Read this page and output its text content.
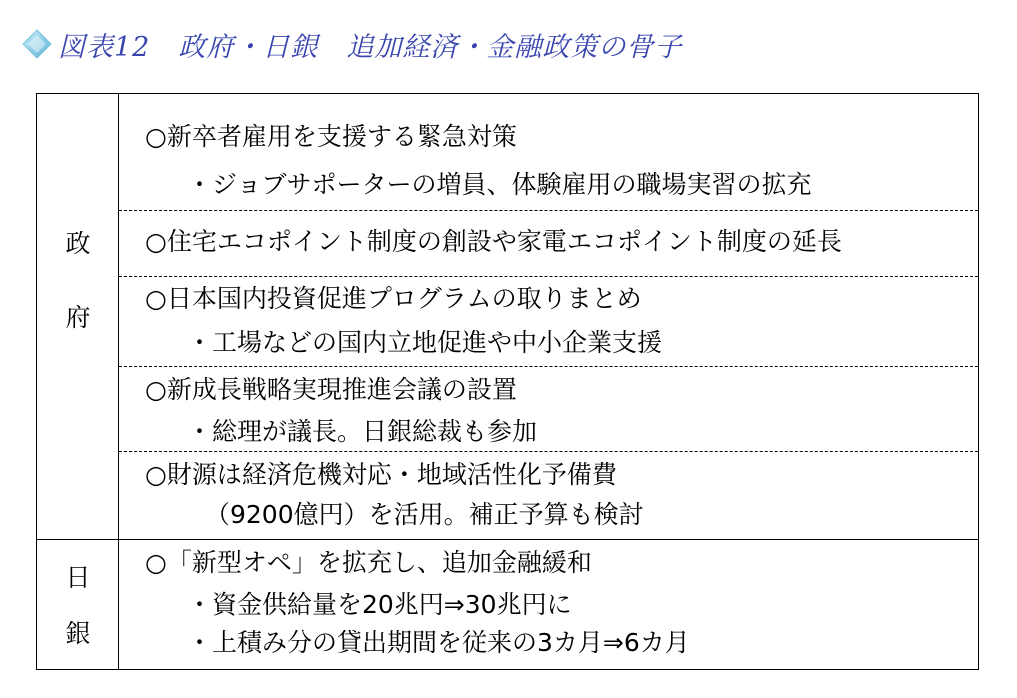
図表12　政府・日銀　追加経済・金融政策の骨子
政
府
○新卒者雇用を支援する緊急対策
・ジョブサポーターの増員、体験雇用の職場実習の拡充
○住宅エコポイント制度の創設や家電エコポイント制度の延長
○日本国内投資促進プログラムの取りまとめ
・工場などの国内立地促進や中小企業支援
○新成長戦略実現推進会議の設置
・総理が議長。日銀総裁も参加
○財源は経済危機対応・地域活性化予備費
（9200億円）を活用。補正予算も検討
日
銀
○「新型オペ」を拡充し、追加金融緩和
・資金供給量を20兆円⇒30兆円に
・上積み分の貸出期間を従来の3カ月⇒6カ月
